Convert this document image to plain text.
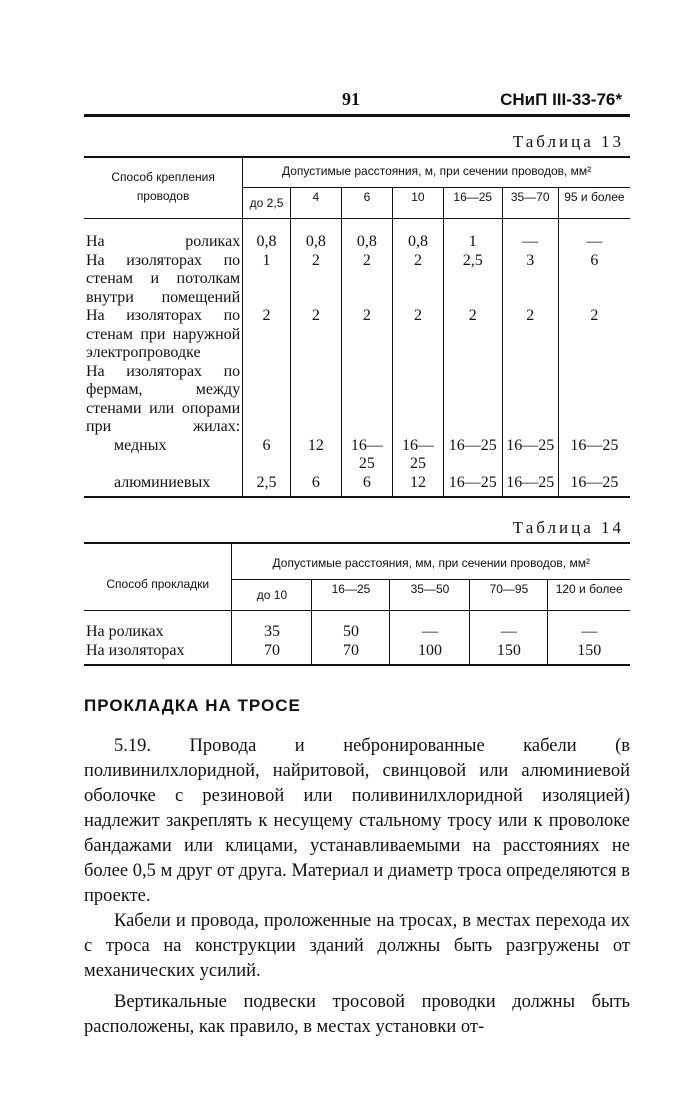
91	СНиП III-33-76*
Таблица 13
Способ крепления проводов	Допустимые расстояния, м, при сечении проводов, мм²						
	до 2,5	4	6	10	16—25	35—70	95 и более
На роликах	0,8	0,8	0,8	0,8	1	—	—
На изоляторах по стенам и потолкам внутри помещений	1	2	2	2	2,5	3	6
На изоляторах по стенам при наружной электропроводке	2	2	2	2	2	2	2
На изоляторах по фермам, между стенами или опорами при жилах:							
медных	6	12	16—25	16—25	16—25	16—25	16—25
алюминиевых	2,5	6	6	12	16—25	16—25	16—25
Таблица 14
Способ прокладки	Допустимые расстояния, мм, при сечении проводов, мм²				
	до 10	16—25	35—50	70—95	120 и более
На роликах	35	50	—	—	—
На изоляторах	70	70	100	150	150
ПРОКЛАДКА НА ТРОСЕ

5.19. Провода и небронированные кабели (в поливинилхлоридной, найритовой, свинцовой или алюминиевой оболочке с резиновой или поливинилхлоридной изоляцией) надлежит закреплять к несущему стальному тросу или к проволоке бандажами или клицами, устанавливаемыми на расстояниях не более 0,5 м друг от друга. Материал и диаметр троса определяются в проекте.

Кабели и провода, проложенные на тросах, в местах перехода их с троса на конструкции зданий должны быть разгружены от механических усилий.

Вертикальные подвески тросовой проводки должны быть расположены, как правило, в местах установки от-
